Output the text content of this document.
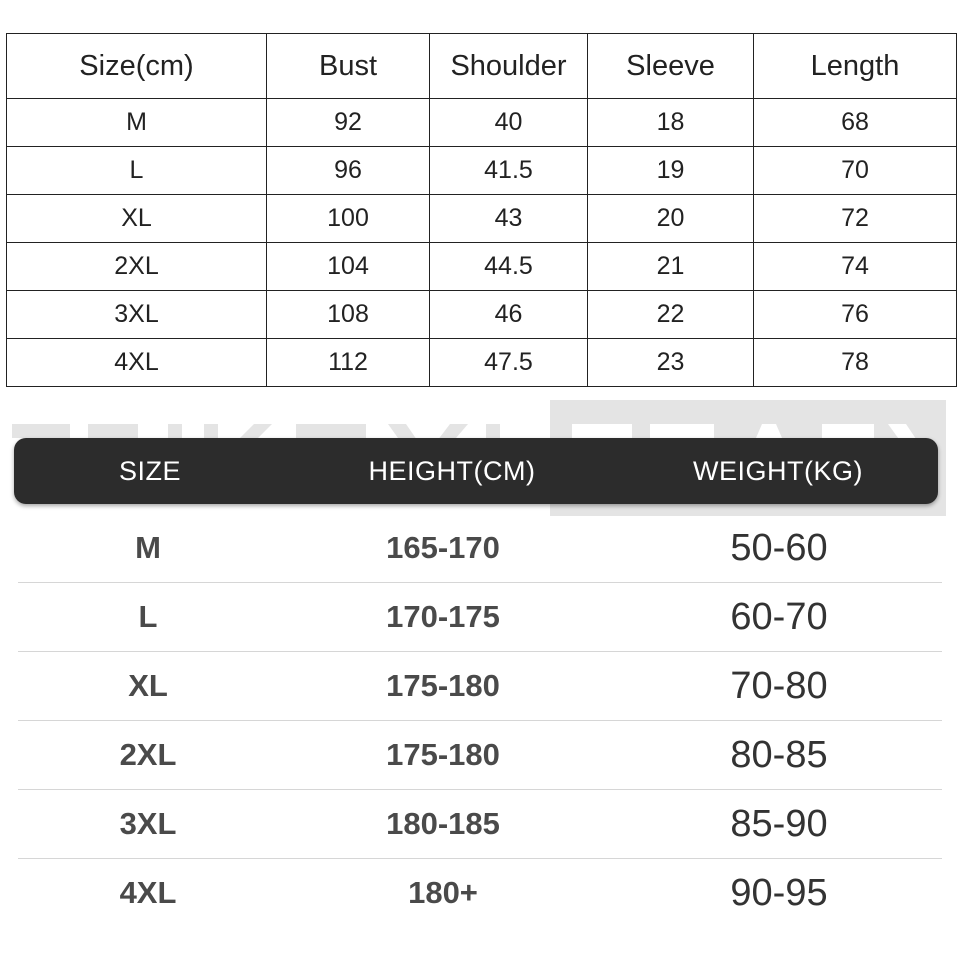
Size(cm)	Bust	Shoulder	Sleeve	Length
M	92	40	18	68
L	96	41.5	19	70
XL	100	43	20	72
2XL	104	44.5	21	74
3XL	108	46	22	76
4XL	112	47.5	23	78
SIZE	HEIGHT(CM)	WEIGHT(KG)
M	165-170	50-60
L	170-175	60-70
XL	175-180	70-80
2XL	175-180	80-85
3XL	180-185	85-90
4XL	180+	90-95
